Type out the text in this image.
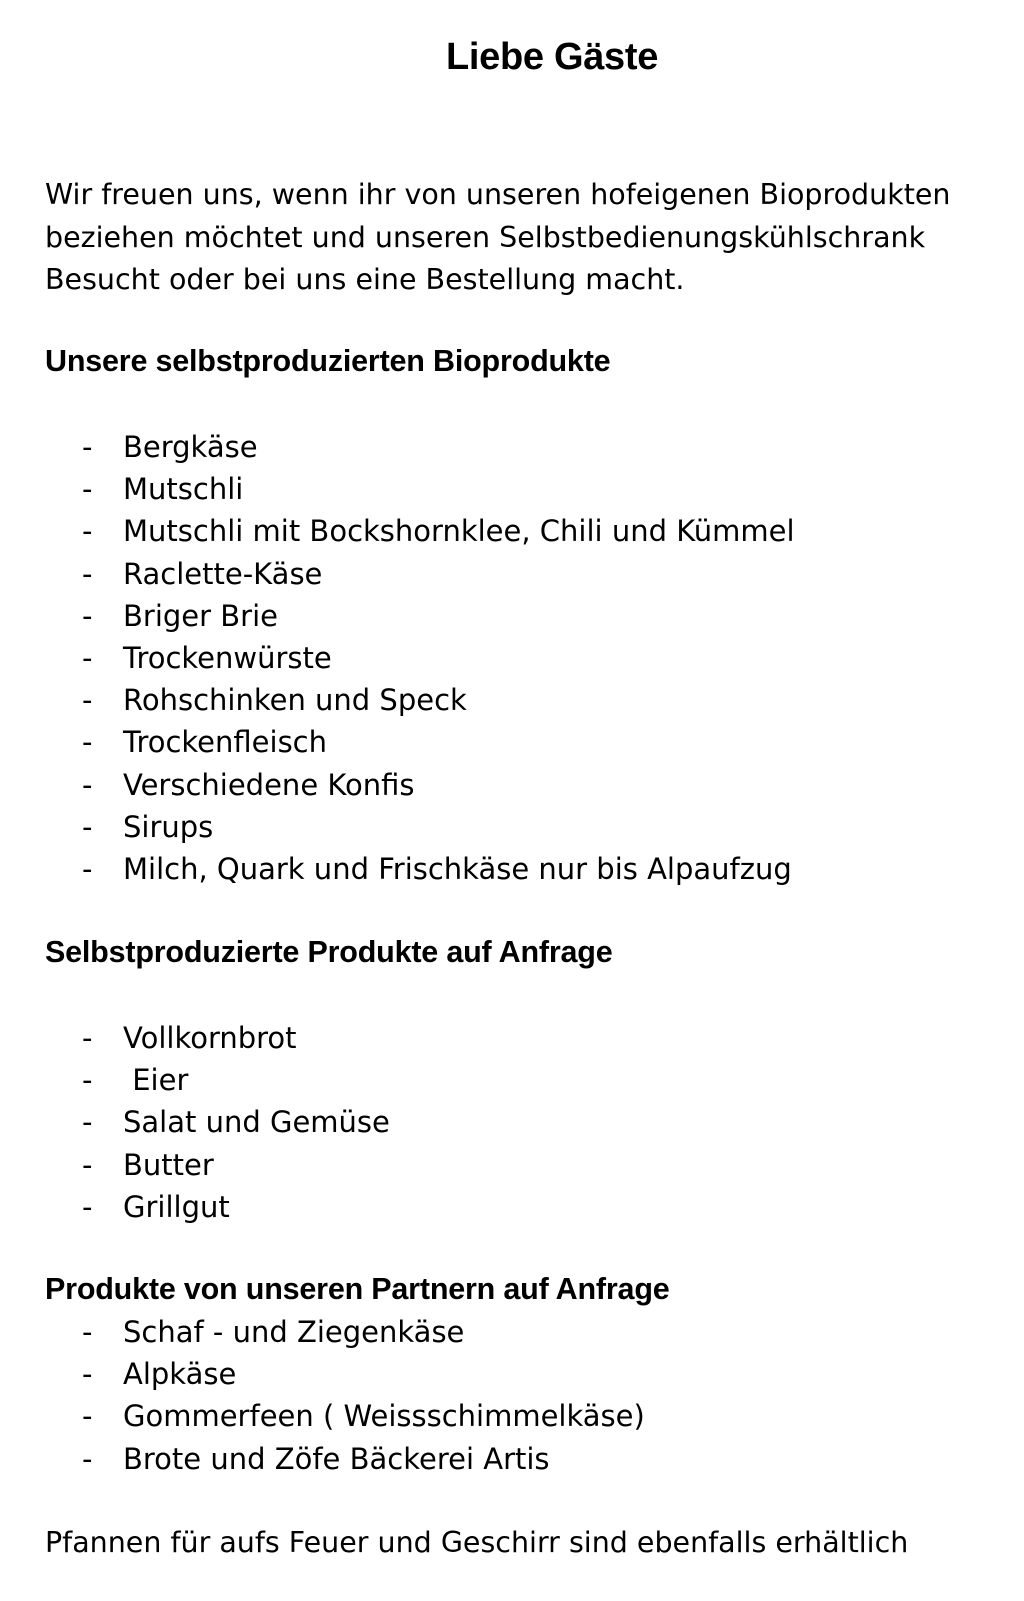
Liebe Gäste

Wir freuen uns, wenn ihr von unseren hofeigenen Bioprodukten
beziehen möchtet und unseren Selbstbedienungskühlschrank
Besucht oder bei uns eine Bestellung macht.

Unsere selbstproduzierten Bioprodukte
- Bergkäse
- Mutschli
- Mutschli mit Bockshornklee, Chili und Kümmel
- Raclette-Käse
- Briger Brie
- Trockenwürste
- Rohschinken und Speck
- Trockenfleisch
- Verschiedene Konfis
- Sirups
- Milch, Quark und Frischkäse nur bis Alpaufzug
Selbstproduzierte Produkte auf Anfrage
- Vollkornbrot
- Eier
- Salat und Gemüse
- Butter
- Grillgut
Produkte von unseren Partnern auf Anfrage
- Schaf - und Ziegenkäse
- Alpkäse
- Gommerfeen ( Weissschimmelkäse)
- Brote und Zöfe Bäckerei Artis

Pfannen für aufs Feuer und Geschirr sind ebenfalls erhältlich
